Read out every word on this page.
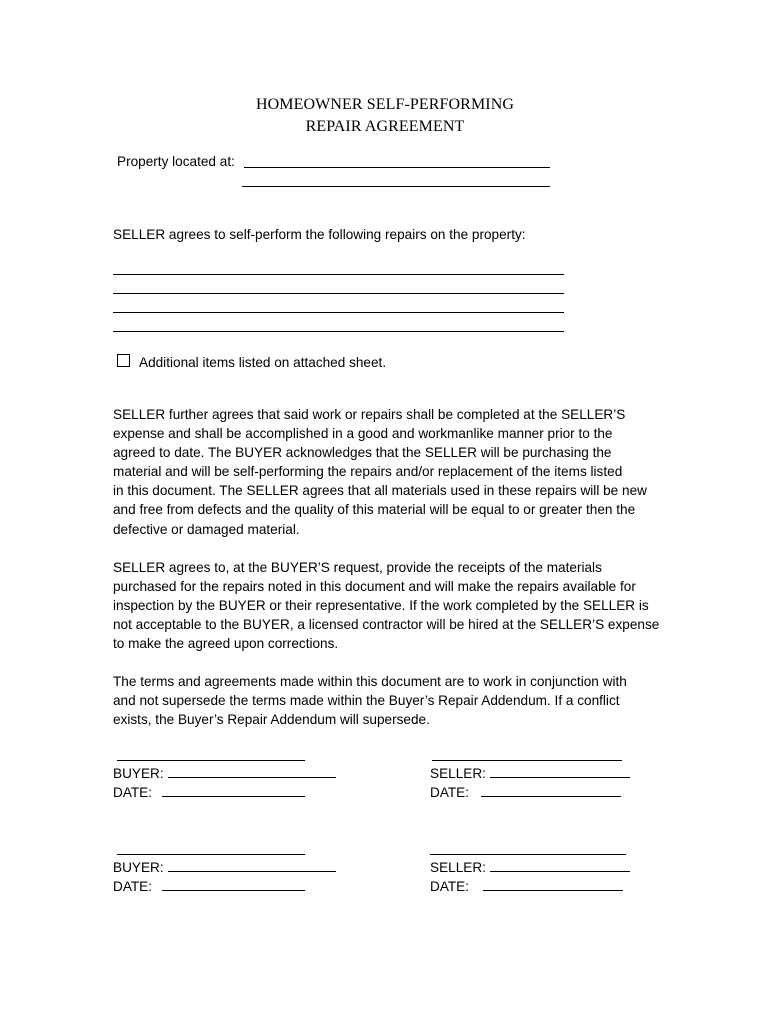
HOMEOWNER SELF-PERFORMING
REPAIR AGREEMENT
Property located at:
SELLER agrees to self-perform the following repairs on the property:
Additional items listed on attached sheet.
SELLER further agrees that said work or repairs shall be completed at the SELLER’S
expense and shall be accomplished in a good and workmanlike manner prior to the
agreed to date. The BUYER acknowledges that the SELLER will be purchasing the
material and will be self-performing the repairs and/or replacement of the items listed
in this document. The SELLER agrees that all materials used in these repairs will be new
and free from defects and the quality of this material will be equal to or greater then the
defective or damaged material.
SELLER agrees to, at the BUYER’S request, provide the receipts of the materials
purchased for the repairs noted in this document and will make the repairs available for
inspection by the BUYER or their representative. If the work completed by the SELLER is
not acceptable to the BUYER, a licensed contractor will be hired at the SELLER’S expense
to make the agreed upon corrections.
The terms and agreements made within this document are to work in conjunction with
and not supersede the terms made within the Buyer’s Repair Addendum. If a conflict
exists, the Buyer’s Repair Addendum will supersede.
BUYER:	SELLER:
DATE:	DATE:
BUYER:	SELLER:
DATE:	DATE:
